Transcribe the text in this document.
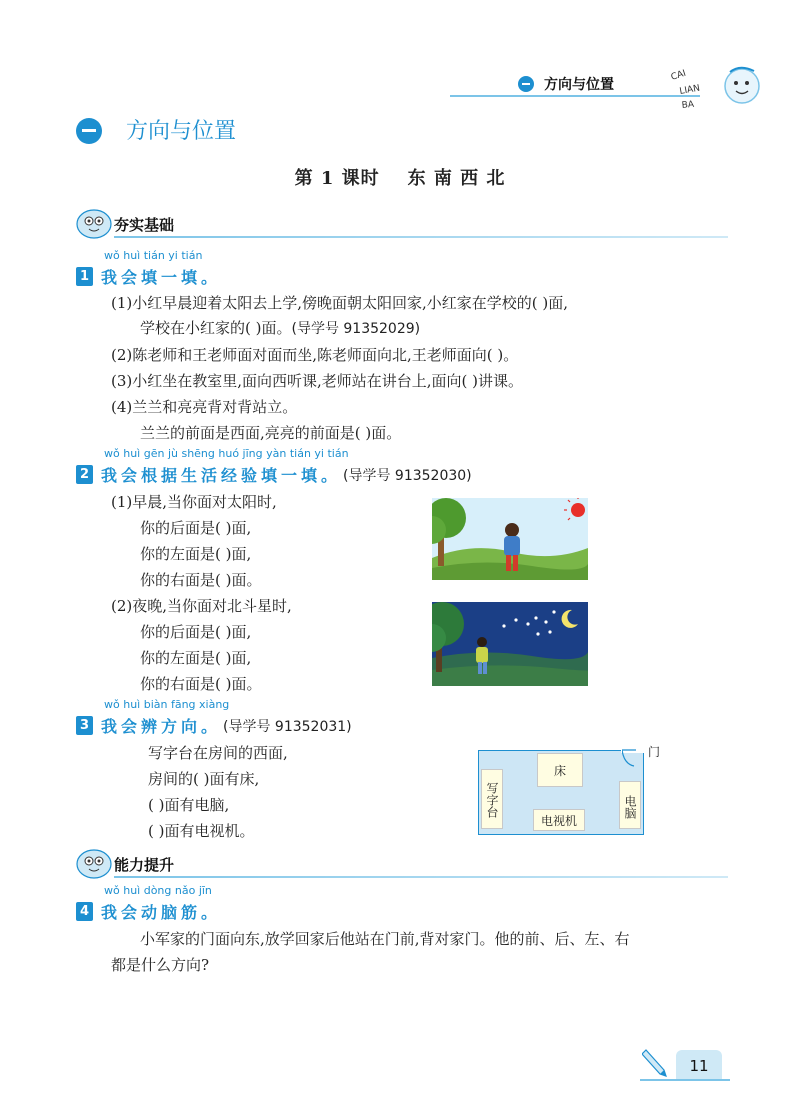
方向与位置
CAI
LIAN
BA
方向与位置
第 1 课时 东 南 西 北
夯实基础
wǒ huì tián yi tián
1 我会填一填。
(1)小红早晨迎着太阳去上学,傍晚面朝太阳回家,小红家在学校的( )面,
学校在小红家的( )面。(导学号 91352029)
(2)陈老师和王老师面对面而坐,陈老师面向北,王老师面向( )。
(3)小红坐在教室里,面向西听课,老师站在讲台上,面向( )讲课。
(4)兰兰和亮亮背对背站立。
兰兰的前面是西面,亮亮的前面是( )面。
wǒ huì gēn jù shēng huó jīng yàn tián yi tián
2 我会根据生活经验填一填。 (导学号 91352030)
(1)早晨,当你面对太阳时,
你的后面是( )面,
你的左面是( )面,
你的右面是( )面。
(2)夜晚,当你面对北斗星时,
你的后面是( )面,
你的左面是( )面,
你的右面是( )面。
wǒ huì biàn fāng xiàng
3 我会辨方向。 (导学号 91352031)
写字台在房间的西面,
房间的( )面有床,
( )面有电脑,
( )面有电视机。
床
写字台	电脑
电视机
门
能力提升
wǒ huì dòng nǎo jīn
4 我会动脑筋。
小军家的门面向东,放学回家后他站在门前,背对家门。他的前、后、左、右
都是什么方向?
11
